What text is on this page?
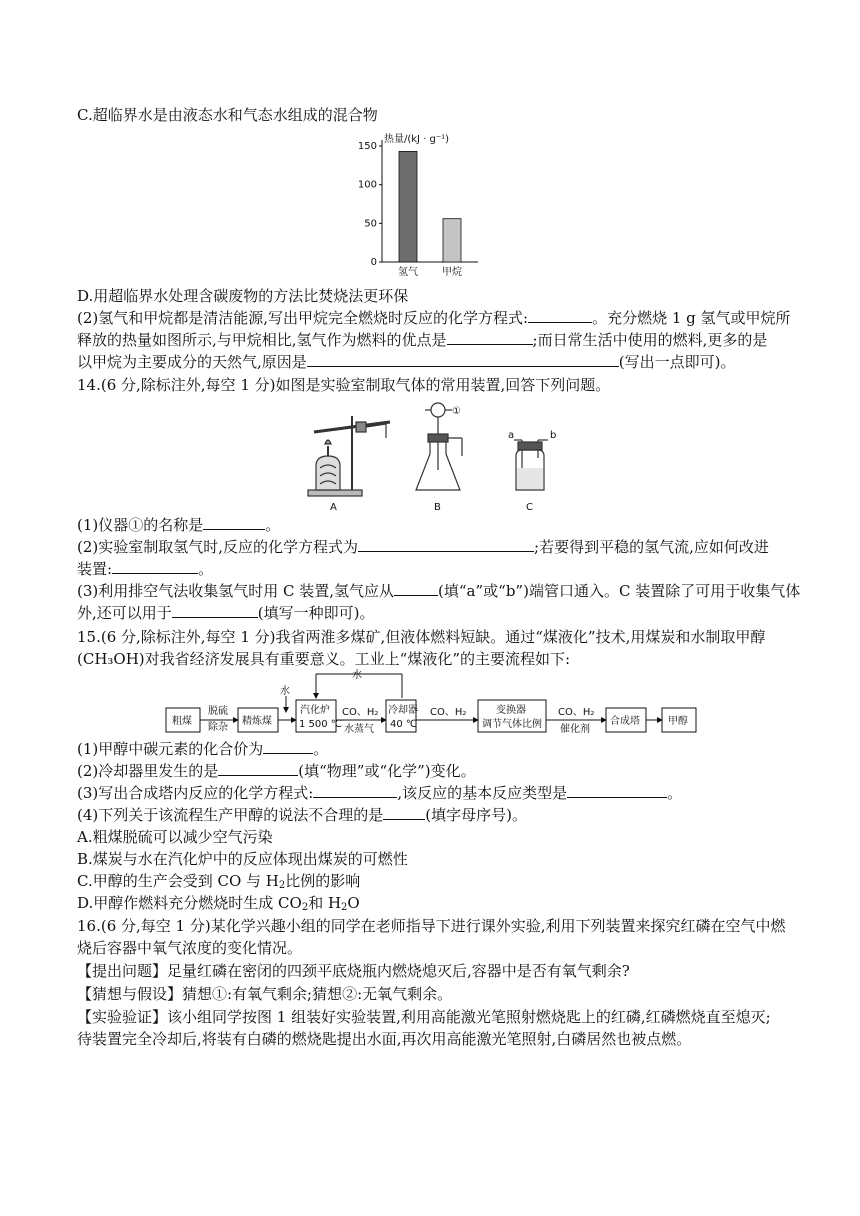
C.超临界水是由液态水和气态水组成的混合物
热量/(kJ · g⁻¹)
0
50
100
150
氢气 甲烷
D.用超临界水处理含碳废物的方法比焚烧法更环保
(2)氢气和甲烷都是清洁能源,写出甲烷完全燃烧时反应的化学方程式:	。充分燃烧 1 g 氢气或甲烷所
释放的热量如图所示,与甲烷相比,氢气作为燃料的优点是	;而日常生活中使用的燃料,更多的是
以甲烷为主要成分的天然气,原因是	(写出一点即可)。
14.(6 分,除标注外,每空 1 分)如图是实验室制取气体的常用装置,回答下列问题。
A
①
B
a	b
C
(1)仪器①的名称是	。
(2)实验室制取氢气时,反应的化学方程式为	;若要得到平稳的氢气流,应如何改进
装置:	。
(3)利用排空气法收集氢气时用 C 装置,氢气应从	(填“a”或“b”)端管口通入。C 装置除了可用于收集气体
外,还可以用于	(填写一种即可)。
15.(6 分,除标注外,每空 1 分)我省两淮多煤矿,但液体燃料短缺。通过“煤液化”技术,用煤炭和水制取甲醇
(CH₃OH)对我省经济发展具有重要意义。工业上“煤液化”的主要流程如下:
粗煤
脱硫
除杂
精炼煤
水
水
汽化炉
1 500 ℃
CO、H₂
水蒸气
冷却器
40 ℃
CO、H₂	变换器
调节气体比例
CO、H₂
催化剂
合成塔	甲醇
(1)甲醇中碳元素的化合价为	。
(2)冷却器里发生的是	(填“物理”或“化学”)变化。
(3)写出合成塔内反应的化学方程式:	,该反应的基本反应类型是	。
(4)下列关于该流程生产甲醇的说法不合理的是	(填字母序号)。
A.粗煤脱硫可以减少空气污染
B.煤炭与水在汽化炉中的反应体现出煤炭的可燃性
C.甲醇的生产会受到 CO 与 $H_2$比例的影响
D.甲醇作燃料充分燃烧时生成 $CO_2$和 $H_2O$
16.(6 分,每空 1 分)某化学兴趣小组的同学在老师指导下进行课外实验,利用下列装置来探究红磷在空气中燃
烧后容器中氧气浓度的变化情况。
【提出问题】足量红磷在密闭的四颈平底烧瓶内燃烧熄灭后,容器中是否有氧气剩余?
【猜想与假设】猜想①:有氧气剩余;猜想②:无氧气剩余。
【实验验证】该小组同学按图 1 组装好实验装置,利用高能激光笔照射燃烧匙上的红磷,红磷燃烧直至熄灭;
待装置完全冷却后,将装有白磷的燃烧匙提出水面,再次用高能激光笔照射,白磷居然也被点燃。
